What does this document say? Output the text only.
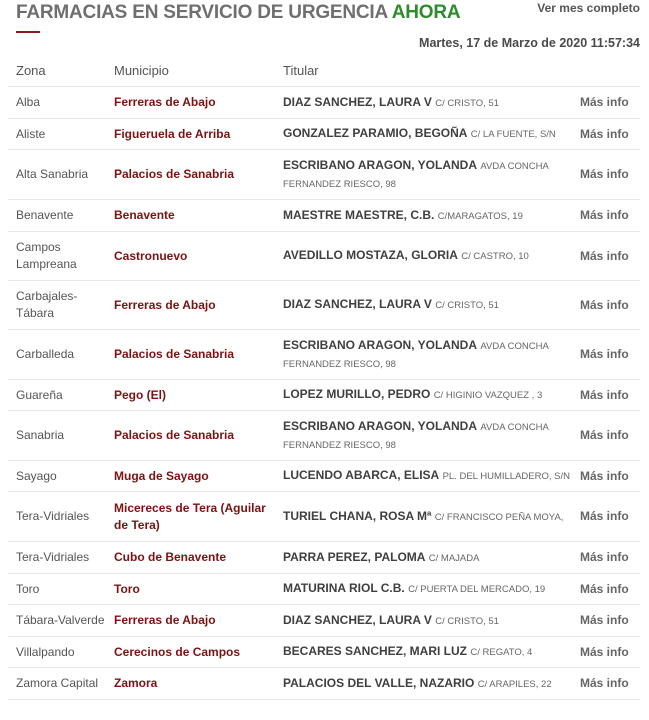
FARMACIAS EN SERVICIO DE URGENCIA AHORA	Ver mes completo
Martes, 17 de Marzo de 2020 11:57:34
Zona	Municipio	Titular	
Alba	Ferreras de Abajo	DIAZ SANCHEZ, LAURA V C/ CRISTO, 51	Más info
Aliste	Figueruela de Arriba	GONZALEZ PARAMIO, BEGOÑA C/ LA FUENTE, S/N	Más info
Alta Sanabria	Palacios de Sanabria	ESCRIBANO ARAGON, YOLANDA AVDA CONCHA FERNANDEZ RIESCO, 98	Más info
Benavente	Benavente	MAESTRE MAESTRE, C.B. C/MARAGATOS, 19	Más info
Campos Lampreana	Castronuevo	AVEDILLO MOSTAZA, GLORIA C/ CASTRO, 10	Más info
Carbajales-Tábara	Ferreras de Abajo	DIAZ SANCHEZ, LAURA V C/ CRISTO, 51	Más info
Carballeda	Palacios de Sanabria	ESCRIBANO ARAGON, YOLANDA AVDA CONCHA FERNANDEZ RIESCO, 98	Más info
Guareña	Pego (El)	LOPEZ MURILLO, PEDRO C/ HIGINIO VAZQUEZ , 3	Más info
Sanabria	Palacios de Sanabria	ESCRIBANO ARAGON, YOLANDA AVDA CONCHA FERNANDEZ RIESCO, 98	Más info
Sayago	Muga de Sayago	LUCENDO ABARCA, ELISA PL. DEL HUMILLADERO, S/N	Más info
Tera-Vidriales	Micereces de Tera (Aguilar de Tera)	TURIEL CHANA, ROSA Mª C/ FRANCISCO PEÑA MOYA,	Más info
Tera-Vidriales	Cubo de Benavente	PARRA PEREZ, PALOMA C/ MAJADA	Más info
Toro	Toro	MATURINA RIOL C.B. C/ PUERTA DEL MERCADO, 19	Más info
Tábara-Valverde	Ferreras de Abajo	DIAZ SANCHEZ, LAURA V C/ CRISTO, 51	Más info
Villalpando	Cerecinos de Campos	BECARES SANCHEZ, MARI LUZ C/ REGATO, 4	Más info
Zamora Capital	Zamora	PALACIOS DEL VALLE, NAZARIO C/ ARAPILES, 22	Más info
